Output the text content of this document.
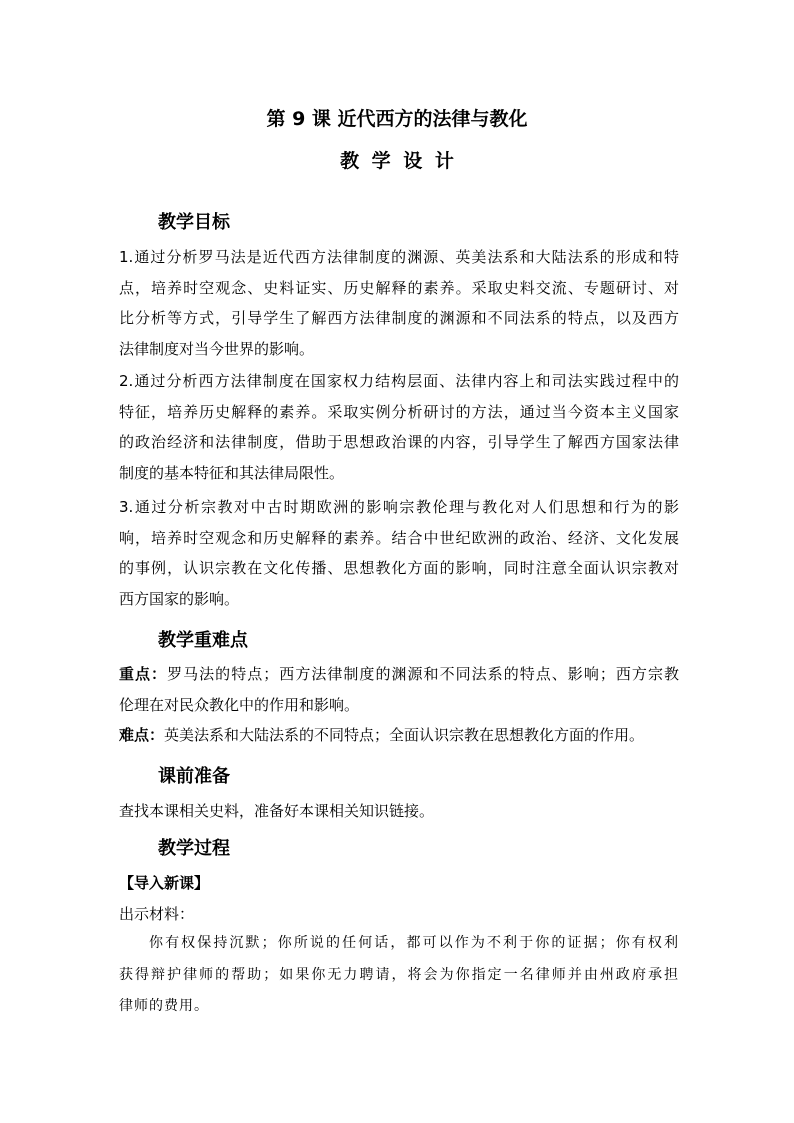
第 9 课 近代西方的法律与教化
教 学 设 计
教学目标
1.通过分析罗马法是近代西方法律制度的渊源、英美法系和大陆法系的形成和特
点，培养时空观念、史料证实、历史解释的素养。采取史料交流、专题研讨、对
比分析等方式，引导学生了解西方法律制度的渊源和不同法系的特点，以及西方
法律制度对当今世界的影响。
2.通过分析西方法律制度在国家权力结构层面、法律内容上和司法实践过程中的
特征，培养历史解释的素养。采取实例分析研讨的方法，通过当今资本主义国家
的政治经济和法律制度，借助于思想政治课的内容，引导学生了解西方国家法律
制度的基本特征和其法律局限性。
3.通过分析宗教对中古时期欧洲的影响宗教伦理与教化对人们思想和行为的影
响，培养时空观念和历史解释的素养。结合中世纪欧洲的政治、经济、文化发展
的事例，认识宗教在文化传播、思想教化方面的影响，同时注意全面认识宗教对
西方国家的影响。
教学重难点
重点：罗马法的特点；西方法律制度的渊源和不同法系的特点、影响；西方宗教
伦理在对民众教化中的作用和影响。
难点：英美法系和大陆法系的不同特点；全面认识宗教在思想教化方面的作用。
课前准备
查找本课相关史料，准备好本课相关知识链接。
教学过程
【导入新课】
出示材料：
你有权保持沉默；你所说的任何话，都可以作为不利于你的证据；你有权利
获得辩护律师的帮助；如果你无力聘请，将会为你指定一名律师并由州政府承担
律师的费用。
